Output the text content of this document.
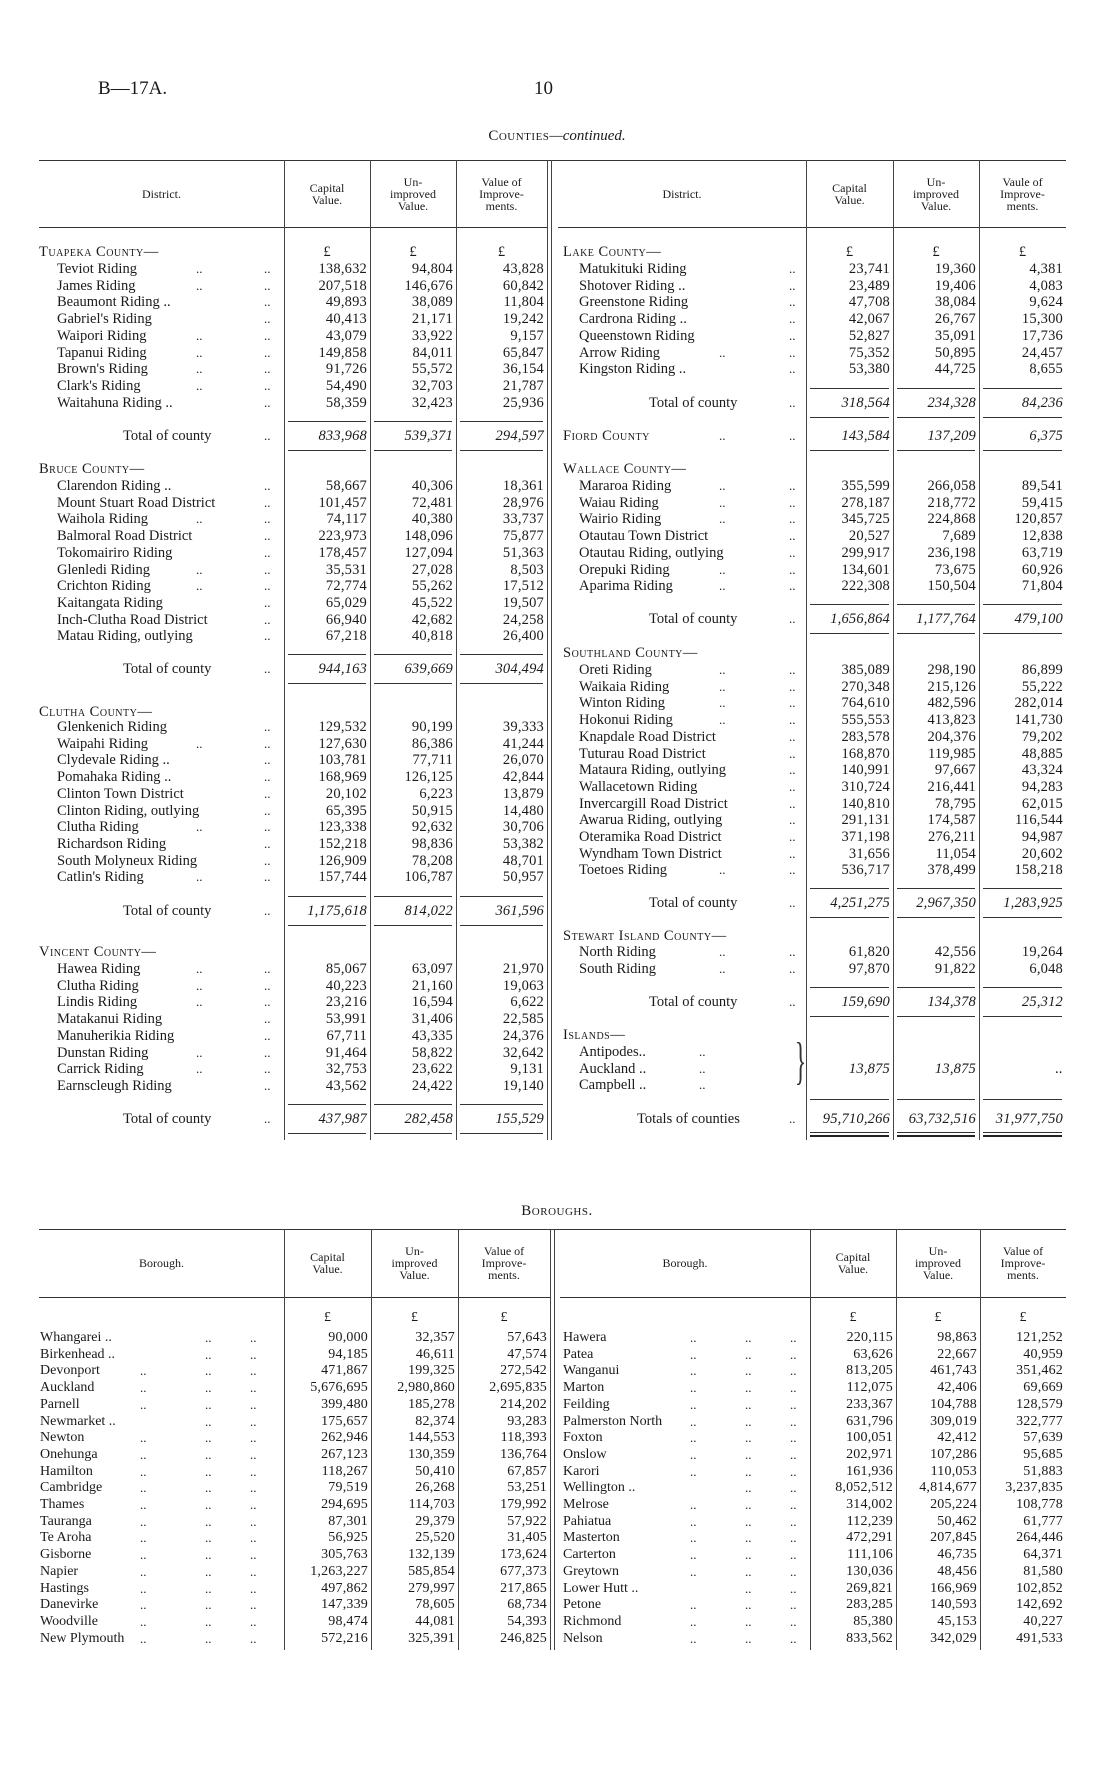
B—17A.	10
Counties—continued.
District.	Capital
Value.
Un-
improved
Value.
Value of
Improve-
ments.
District.	Capital
Value.
Un-
improved
Value.
Vaule of
Improve-
ments.
Tuapeka County—	£	£	£
Teviot Riding	..	..	138,632	94,804	43,828
James Riding	..	..	207,518	146,676	60,842
Beaumont Riding ..	..	49,893	38,089	11,804
Gabriel's Riding	..	40,413	21,171	19,242
Waipori Riding	..	..	43,079	33,922	9,157
Tapanui Riding	..	..	149,858	84,011	65,847
Brown's Riding	..	..	91,726	55,572	36,154
Clark's Riding	..	..	54,490	32,703	21,787
Waitahuna Riding ..	..	58,359	32,423	25,936
Total of county	..	833,968	539,371	294,597
Bruce County—
Clarendon Riding ..	..	58,667	40,306	18,361
Mount Stuart Road District	..	101,457	72,481	28,976
Waihola Riding	..	..	74,117	40,380	33,737
Balmoral Road District	..	223,973	148,096	75,877
Tokomairiro Riding	..	178,457	127,094	51,363
Glenledi Riding	..	..	35,531	27,028	8,503
Crichton Riding	..	..	72,774	55,262	17,512
Kaitangata Riding	..	65,029	45,522	19,507
Inch-Clutha Road District	..	66,940	42,682	24,258
Matau Riding, outlying	..	67,218	40,818	26,400
Total of county	..	944,163	639,669	304,494
Clutha County—
Glenkenich Riding	..	129,532	90,199	39,333
Waipahi Riding	..	..	127,630	86,386	41,244
Clydevale Riding ..	..	103,781	77,711	26,070
Pomahaka Riding ..	..	168,969	126,125	42,844
Clinton Town District	..	20,102	6,223	13,879
Clinton Riding, outlying	..	65,395	50,915	14,480
Clutha Riding	..	..	123,338	92,632	30,706
Richardson Riding	..	152,218	98,836	53,382
South Molyneux Riding	..	126,909	78,208	48,701
Catlin's Riding	..	..	157,744	106,787	50,957
Total of county	..	1,175,618	814,022	361,596
Vincent County—
Hawea Riding	..	..	85,067	63,097	21,970
Clutha Riding	..	..	40,223	21,160	19,063
Lindis Riding	..	..	23,216	16,594	6,622
Matakanui Riding	..	53,991	31,406	22,585
Manuherikia Riding	..	67,711	43,335	24,376
Dunstan Riding	..	..	91,464	58,822	32,642
Carrick Riding	..	..	32,753	23,622	9,131
Earnscleugh Riding	..	43,562	24,422	19,140
Total of county	..	437,987	282,458	155,529
Lake County—	£	£	£
Matukituki Riding	..	23,741	19,360	4,381
Shotover Riding ..	..	23,489	19,406	4,083
Greenstone Riding	..	47,708	38,084	9,624
Cardrona Riding ..	..	42,067	26,767	15,300
Queenstown Riding	..	52,827	35,091	17,736
Arrow Riding	..	..	75,352	50,895	24,457
Kingston Riding ..	..	53,380	44,725	8,655
Total of county	..	318,564	234,328	84,236
Fiord County	..	..	143,584	137,209	6,375
Wallace County—
Mararoa Riding	..	..	355,599	266,058	89,541
Waiau Riding	..	..	278,187	218,772	59,415
Wairio Riding	..	..	345,725	224,868	120,857
Otautau Town District	..	20,527	7,689	12,838
Otautau Riding, outlying	..	299,917	236,198	63,719
Orepuki Riding	..	..	134,601	73,675	60,926
Aparima Riding	..	..	222,308	150,504	71,804
Total of county	..	1,656,864	1,177,764	479,100
Southland County—
Oreti Riding	..	..	385,089	298,190	86,899
Waikaia Riding	..	..	270,348	215,126	55,222
Winton Riding	..	..	764,610	482,596	282,014
Hokonui Riding	..	..	555,553	413,823	141,730
Knapdale Road District	..	283,578	204,376	79,202
Tuturau Road District	..	168,870	119,985	48,885
Mataura Riding, outlying	..	140,991	97,667	43,324
Wallacetown Riding	..	310,724	216,441	94,283
Invercargill Road District	..	140,810	78,795	62,015
Awarua Riding, outlying	..	291,131	174,587	116,544
Oteramika Road District	..	371,198	276,211	94,987
Wyndham Town District	..	31,656	11,054	20,602
Toetoes Riding	..	..	536,717	378,499	158,218
Total of county	..	4,251,275	2,967,350	1,283,925
Stewart Island County—
North Riding	..	..	61,820	42,556	19,264
South Riding	..	..	97,870	91,822	6,048
Total of county	..	159,690	134,378	25,312
Islands—
Antipodes..	..
Auckland ..	..
Campbell ..	.. }	13,875	13,875	..
Totals of counties	..	95,710,266	63,732,516	31,977,750
Boroughs.
Borough.	Capital
Value.
Un-
improved
Value.
Value of
Improve-
ments.
£	£	£
Whangarei ..	..	..	90,000	32,357	57,643
Birkenhead ..	..	..	94,185	46,611	47,574
Devonport	..	..	..	471,867	199,325	272,542
Auckland	..	..	..	5,676,695	2,980,860	2,695,835
Parnell	..	..	..	399,480	185,278	214,202
Newmarket ..	..	..	175,657	82,374	93,283
Newton	..	..	..	262,946	144,553	118,393
Onehunga	..	..	..	267,123	130,359	136,764
Hamilton	..	..	..	118,267	50,410	67,857
Cambridge	..	..	..	79,519	26,268	53,251
Thames	..	..	..	294,695	114,703	179,992
Tauranga	..	..	..	87,301	29,379	57,922
Te Aroha	..	..	..	56,925	25,520	31,405
Gisborne	..	..	..	305,763	132,139	173,624
Napier	..	..	..	1,263,227	585,854	677,373
Hastings	..	..	..	497,862	279,997	217,865
Danevirke	..	..	..	147,339	78,605	68,734
Woodville	..	..	..	98,474	44,081	54,393
New Plymouth ..	..	..	572,216	325,391	246,825
Borough.	Capital
Value.
Un-
improved
Value.
Value of
Improve-
ments.
£	£	£
Hawera	..	..	..	220,115	98,863	121,252
Patea	..	..	..	63,626	22,667	40,959
Wanganui	..	..	..	813,205	461,743	351,462
Marton	..	..	..	112,075	42,406	69,669
Feilding	..	..	..	233,367	104,788	128,579
Palmerston North ..	..	..	631,796	309,019	322,777
Foxton	..	..	..	100,051	42,412	57,639
Onslow	..	..	..	202,971	107,286	95,685
Karori	..	..	..	161,936	110,053	51,883
Wellington ..	..	..	8,052,512	4,814,677	3,237,835
Melrose	..	..	..	314,002	205,224	108,778
Pahiatua	..	..	..	112,239	50,462	61,777
Masterton	..	..	..	472,291	207,845	264,446
Carterton	..	..	..	111,106	46,735	64,371
Greytown	..	..	..	130,036	48,456	81,580
Lower Hutt ..	..	..	269,821	166,969	102,852
Petone	..	..	..	283,285	140,593	142,692
Richmond	..	..	..	85,380	45,153	40,227
Nelson	..	..	..	833,562	342,029	491,533
